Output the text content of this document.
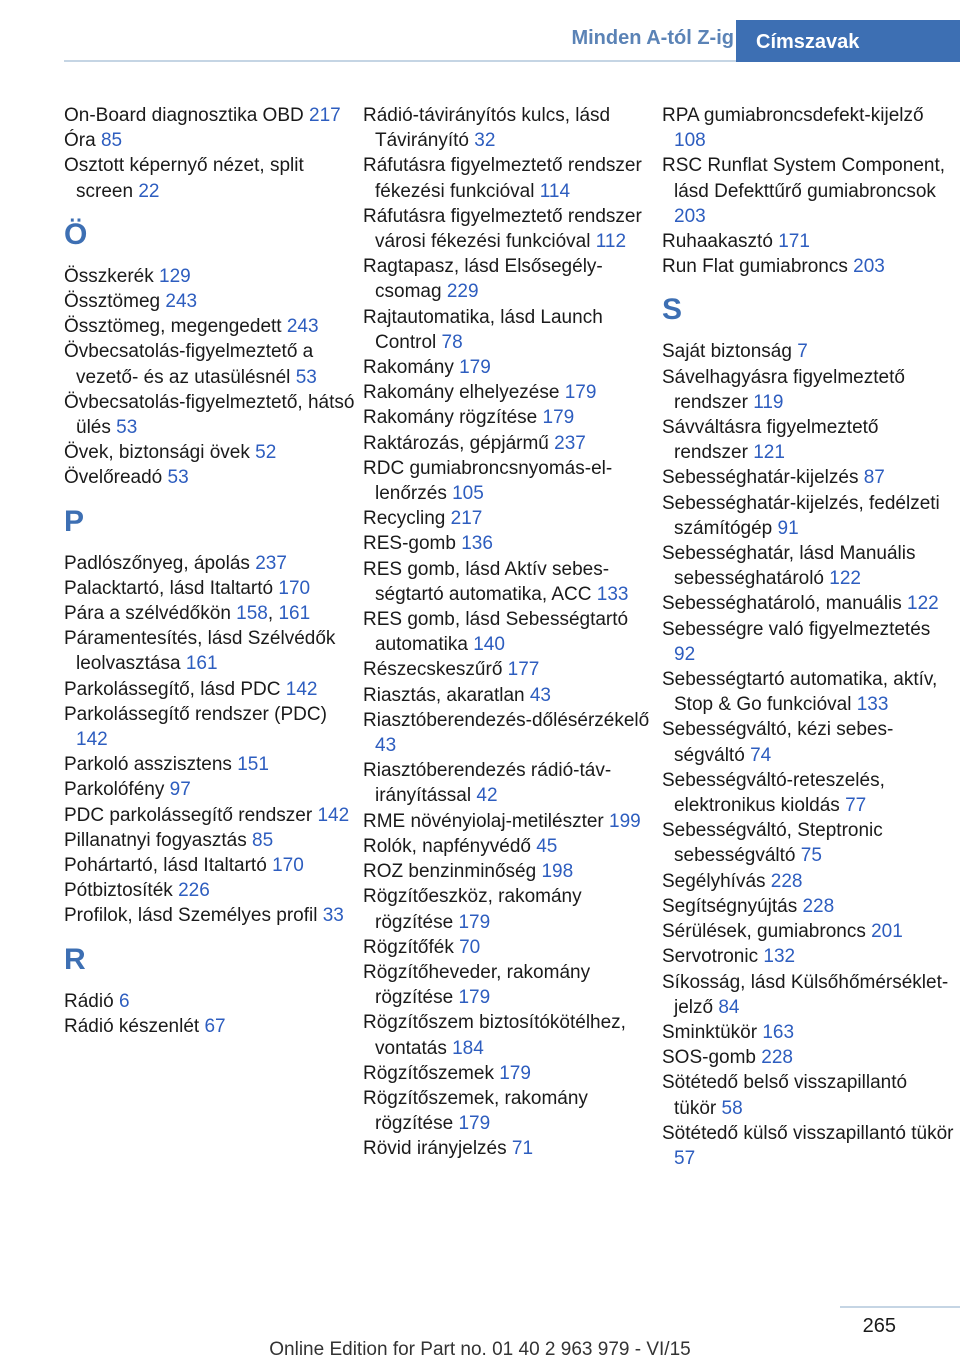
Minden A-tól Z-ig	Címszavak
On-Board diagnosztika OBD 217
Óra 85
Osztott képernyő nézet, split screen 22
Ö
Összkerék 129
Össztömeg 243
Össztömeg, megengedett 243
Övbecsatolás-figyelmeztető a vezető- és az utasülésnél 53
Övbecsatolás-figyelmeztető, hátsó ülés 53
Övek, biztonsági övek 52
Övelőreadó 53
P
Padlószőnyeg, ápolás 237
Palacktartó, lásd Italtartó 170
Pára a szélvédőkön 158, 161
Páramentesítés, lásd Szélvédők leolvasztása 161
Parkolássegítő, lásd PDC 142
Parkolássegítő rendszer (PDC) 142
Parkoló asszisztens 151
Parkolófény 97
PDC parkolássegítő rendszer 142
Pillanatnyi fogyasztás 85
Pohártartó, lásd Italtartó 170
Pótbiztosíték 226
Profilok, lásd Személyes profil 33
R
Rádió 6
Rádió készenlét 67
Rádió-távirányítós kulcs, lásd Távirányító 32
Ráfutásra figyelmeztető rendszer fékezési funkcióval 114
Ráfutásra figyelmeztető rendszer városi fékezési funkcióval 112
Ragtapasz, lásd Elsősegélycsomag 229
Rajtautomatika, lásd Launch Control 78
Rakomány 179
Rakomány elhelyezése 179
Rakomány rögzítése 179
Raktározás, gépjármű 237
RDC gumiabroncsnyomás-ellenőrzés 105
Recycling 217
RES-gomb 136
RES gomb, lásd Aktív sebességtartó automatika, ACC 133
RES gomb, lásd Sebességtartó automatika 140
Részecskeszűrő 177
Riasztás, akaratlan 43
Riasztóberendezés-dőlésérzékelő 43
Riasztóberendezés rádió-távirányítással 42
RME növényiolaj-metilészter 199
Rolók, napfényvédő 45
ROZ benzinminőség 198
Rögzítőeszköz, rakomány rögzítése 179
Rögzítőfék 70
Rögzítőheveder, rakomány rögzítése 179
Rögzítőszem biztosítókötélhez, vontatás 184
Rögzítőszemek 179
Rögzítőszemek, rakomány rögzítése 179
Rövid irányjelzés 71
RPA gumiabroncsdefekt-kijelző 108
RSC Runflat System Component, lásd Defekttűrő gumiabroncsok 203
Ruhaakasztó 171
Run Flat gumiabroncs 203
S
Saját biztonság 7
Sávelhagyásra figyelmeztető rendszer 119
Sávváltásra figyelmeztető rendszer 121
Sebességhatár-kijelzés 87
Sebességhatár-kijelzés, fedélzeti számítógép 91
Sebességhatár, lásd Manuális sebességhatároló 122
Sebességhatároló, manuális 122
Sebességre való figyelmeztetés 92
Sebességtartó automatika, aktív, Stop & Go funkcióval 133
Sebességváltó, kézi sebességváltó 74
Sebességváltó-reteszelés, elektronikus kioldás 77
Sebességváltó, Steptronic sebességváltó 75
Segélyhívás 228
Segítségnyújtás 228
Sérülések, gumiabroncs 201
Servotronic 132
Síkosság, lásd Külsőhőmérséklet-jelző 84
Sminktükör 163
SOS-gomb 228
Sötétedő belső visszapillantó tükör 58
Sötétedő külső visszapillantó tükör 57
265
Online Edition for Part no. 01 40 2 963 979 - VI/15
